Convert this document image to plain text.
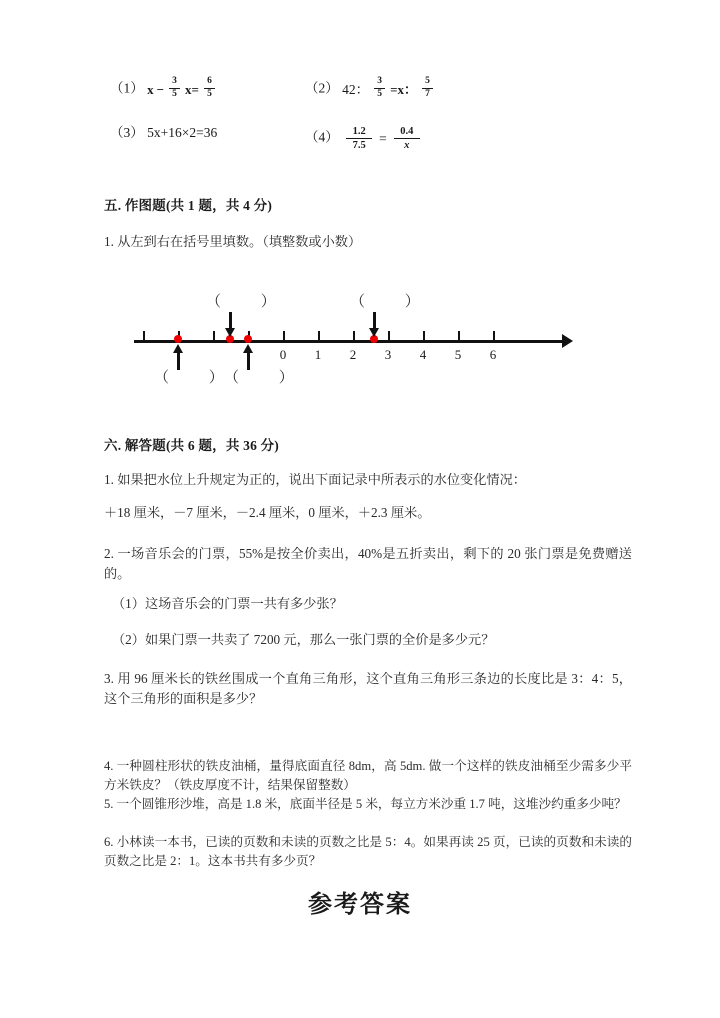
（1） $x - \frac{3}{5} x= \frac{6}{5}$	（2） 42： $\frac{3}{5} =x$： $\frac{5}{7}$
（3） 5x+16×2=36	$(4) \frac{1.2}{7.5} = \frac{0.4}{x}$
五. 作图题(共 1 题，共 4 分)
1. 从左到右在括号里填数。（填整数或小数）
0 1 2 3 4 5 6
（ ）	（ ）
（ ）
（ ）
六. 解答题(共 6 题，共 36 分)
1. 如果把水位上升规定为正的，说出下面记录中所表示的水位变化情况：
＋18 厘米，－7 厘米，－2.4 厘米，0 厘米，＋2.3 厘米。
2. 一场音乐会的门票，55%是按全价卖出，40%是五折卖出，剩下的 20 张门票是免费赠送的。
（1）这场音乐会的门票一共有多少张？
（2）如果门票一共卖了 7200 元，那么一张门票的全价是多少元？
3. 用 96 厘米长的铁丝围成一个直角三角形，这个直角三角形三条边的长度比是 3：4：5，这个三角形的面积是多少？
4. 一种圆柱形状的铁皮油桶，量得底面直径 8dm，高 5dm. 做一个这样的铁皮油桶至少需多少平方米铁皮？（铁皮厚度不计，结果保留整数）
5. 一个圆锥形沙堆，高是 1.8 米，底面半径是 5 米，每立方米沙重 1.7 吨，这堆沙约重多少吨？
6. 小林读一本书，已读的页数和未读的页数之比是 5：4。如果再读 25 页，已读的页数和未读的页数之比是 2：1。这本书共有多少页？
参考答案
